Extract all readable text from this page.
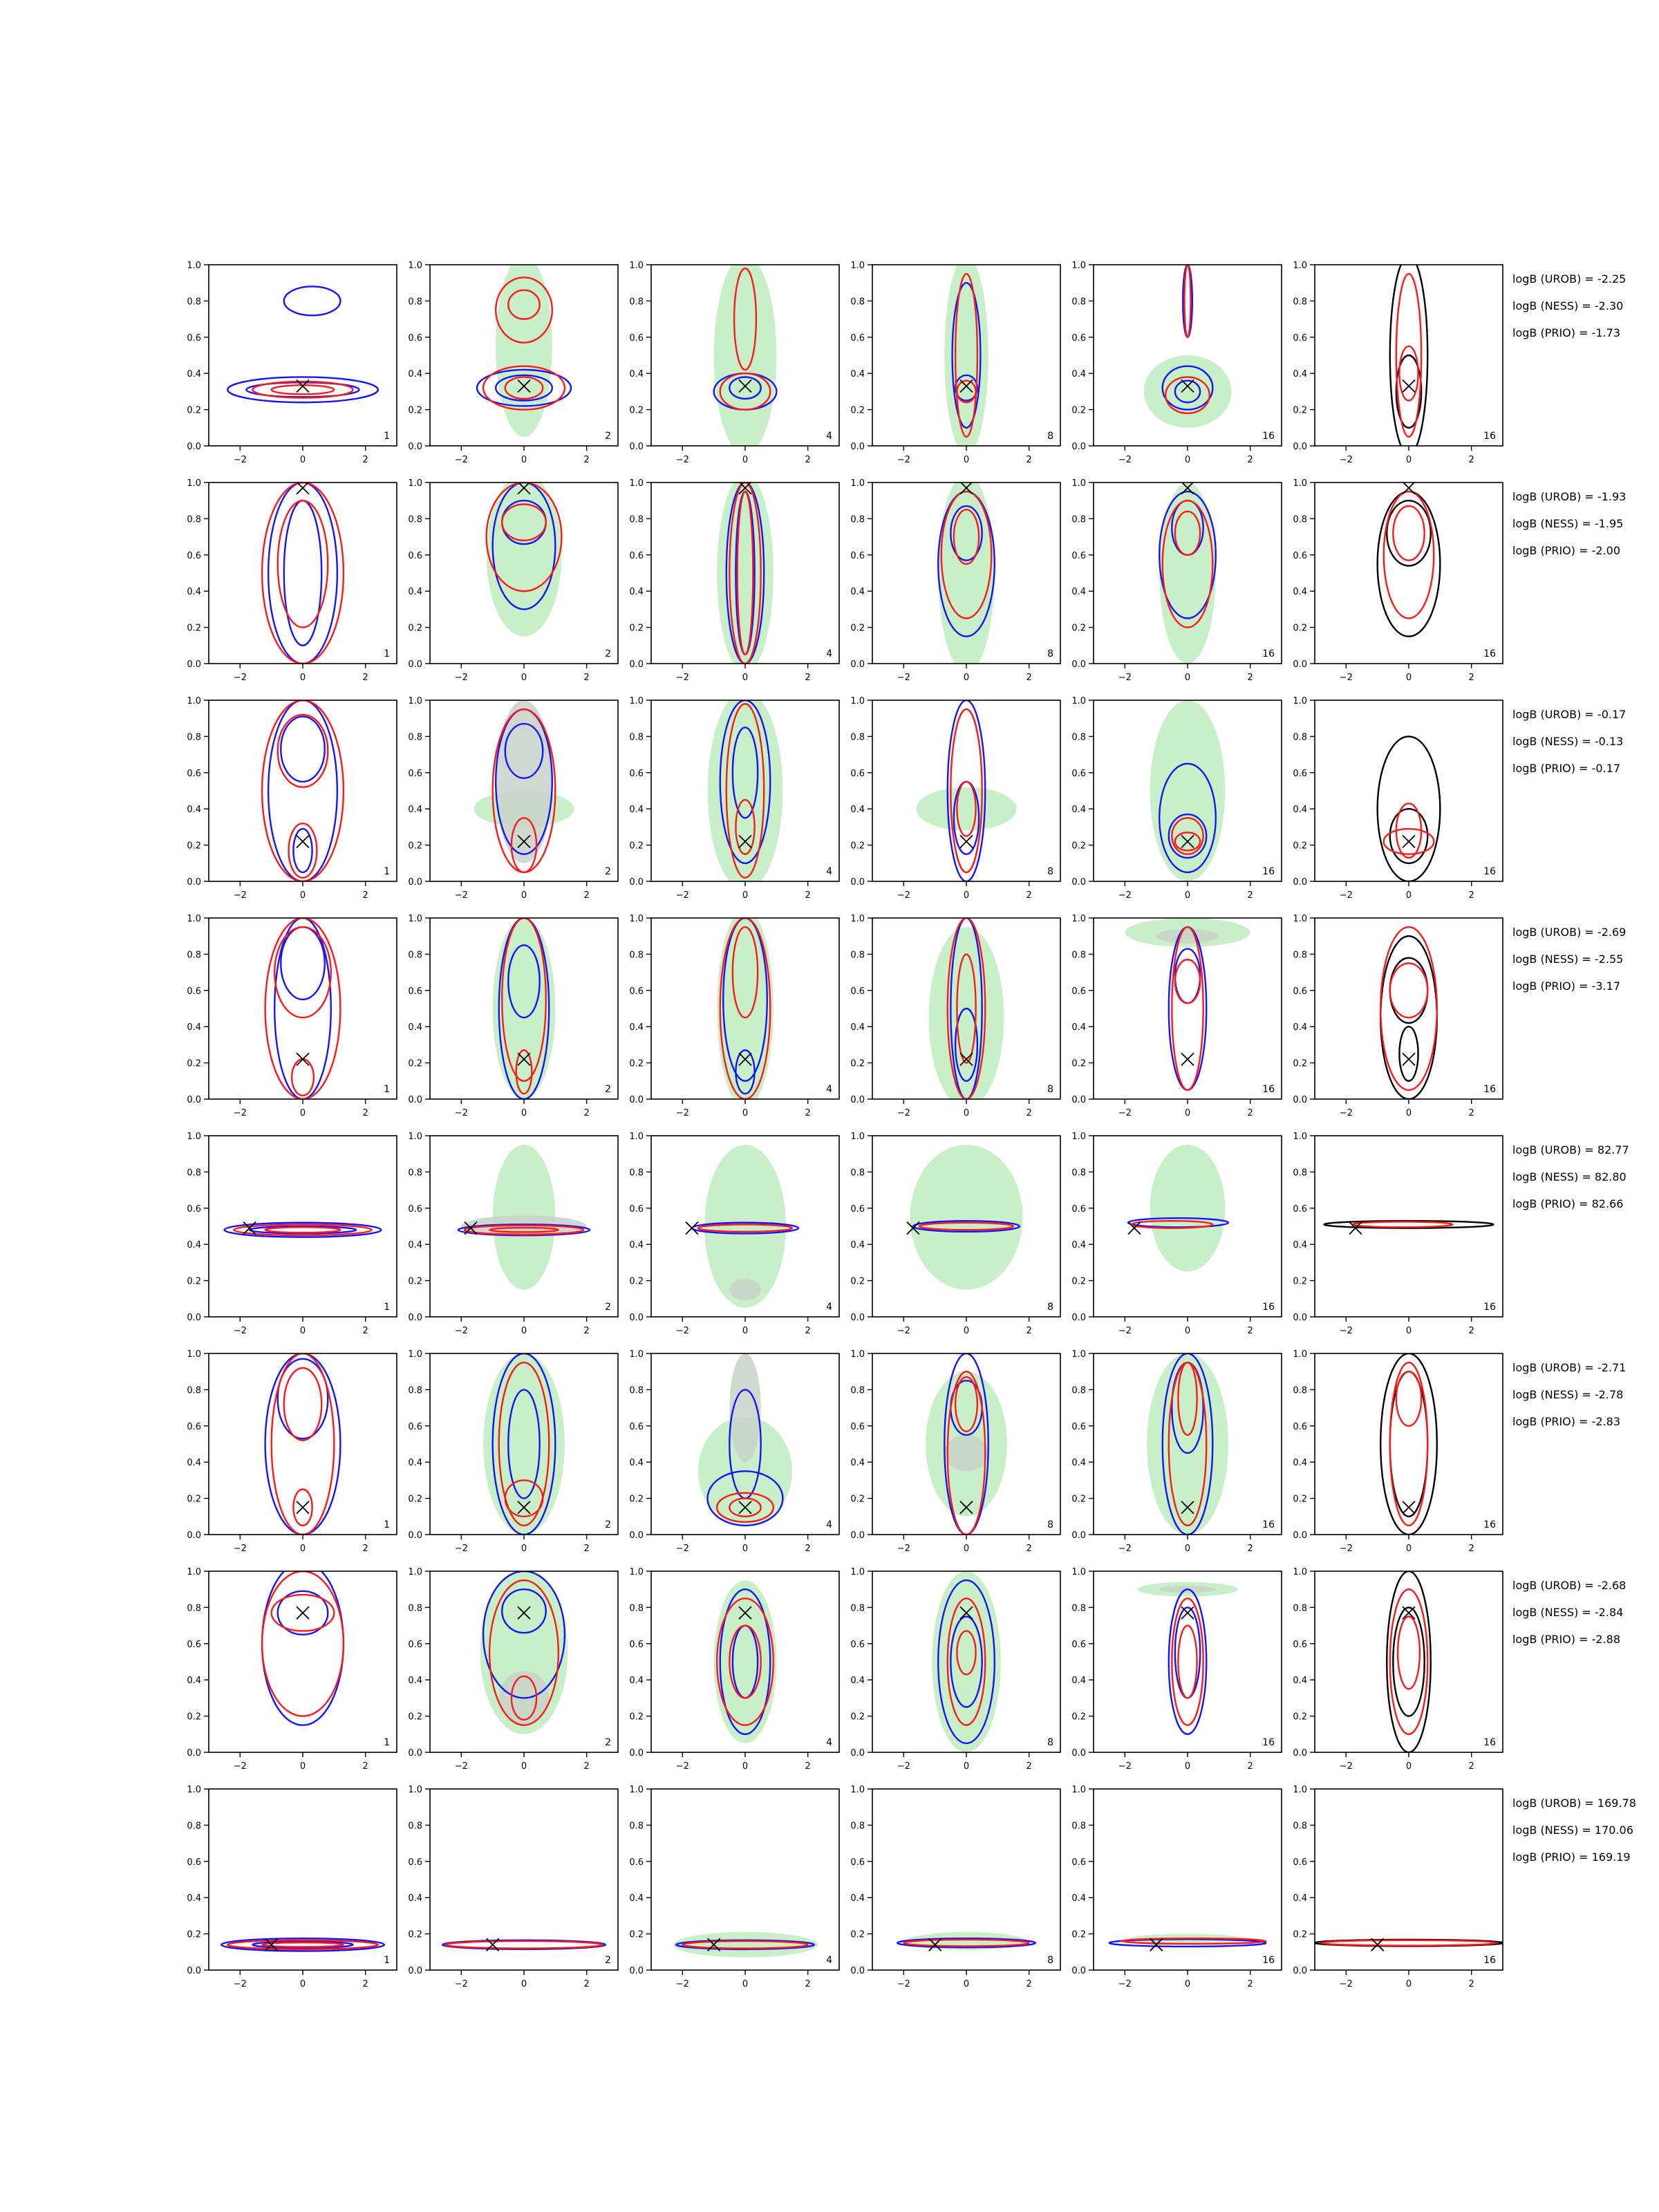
−2	0	2
0.0
0.2
0.4
0.6
0.8
1.0
1
−2	0	2
0.0
0.2
0.4
0.6
0.8
1.0
2
−2	0	2
0.0
0.2
0.4
0.6
0.8
1.0
4
−2	0	2
0.0
0.2
0.4
0.6
0.8
1.0
8
−2	0	2
0.0
0.2
0.4
0.6
0.8
1.0
16
−2	0	2
0.0
0.2
0.4
0.6
0.8
1.0
16
logB (UROB) = -2.25
logB (NESS) = -2.30
logB (PRIO) = -1.73
−2	0	2
0.0
0.2
0.4
0.6
0.8
1.0
1
−2	0	2
0.0
0.2
0.4
0.6
0.8
1.0
2
−2	0	2
0.0
0.2
0.4
0.6
0.8
1.0
4
−2	0	2
0.0
0.2
0.4
0.6
0.8
1.0
8
−2	0	2
0.0
0.2
0.4
0.6
0.8
1.0
16
−2	0	2
0.0
0.2
0.4
0.6
0.8
1.0
16
logB (UROB) = -1.93
logB (NESS) = -1.95
logB (PRIO) = -2.00
−2	0	2
0.0
0.2
0.4
0.6
0.8
1.0
1
−2	0	2
0.0
0.2
0.4
0.6
0.8
1.0
2
−2	0	2
0.0
0.2
0.4
0.6
0.8
1.0
4
−2	0	2
0.0
0.2
0.4
0.6
0.8
1.0
8
−2	0	2
0.0
0.2
0.4
0.6
0.8
1.0
16
−2	0	2
0.0
0.2
0.4
0.6
0.8
1.0
16
logB (UROB) = -0.17
logB (NESS) = -0.13
logB (PRIO) = -0.17
−2	0	2
0.0
0.2
0.4
0.6
0.8
1.0
1
−2	0	2
0.0
0.2
0.4
0.6
0.8
1.0
2
−2	0	2
0.0
0.2
0.4
0.6
0.8
1.0
4
−2	0	2
0.0
0.2
0.4
0.6
0.8
1.0
8
−2	0	2
0.0
0.2
0.4
0.6
0.8
1.0
16
−2	0	2
0.0
0.2
0.4
0.6
0.8
1.0
16
logB (UROB) = -2.69
logB (NESS) = -2.55
logB (PRIO) = -3.17
−2	0	2
0.0
0.2
0.4
0.6
0.8
1.0
1
−2	0	2
0.0
0.2
0.4
0.6
0.8
1.0
2
−2	0	2
0.0
0.2
0.4
0.6
0.8
1.0
4
−2	0	2
0.0
0.2
0.4
0.6
0.8
1.0
8
−2	0	2
0.0
0.2
0.4
0.6
0.8
1.0
16
−2	0	2
0.0
0.2
0.4
0.6
0.8
1.0
16
logB (UROB) = 82.77
logB (NESS) = 82.80
logB (PRIO) = 82.66
−2	0	2
0.0
0.2
0.4
0.6
0.8
1.0
1
−2	0	2
0.0
0.2
0.4
0.6
0.8
1.0
2
−2	0	2
0.0
0.2
0.4
0.6
0.8
1.0
4
−2	0	2
0.0
0.2
0.4
0.6
0.8
1.0
8
−2	0	2
0.0
0.2
0.4
0.6
0.8
1.0
16
−2	0	2
0.0
0.2
0.4
0.6
0.8
1.0
16
logB (UROB) = -2.71
logB (NESS) = -2.78
logB (PRIO) = -2.83
−2	0	2
0.0
0.2
0.4
0.6
0.8
1.0
1
−2	0	2
0.0
0.2
0.4
0.6
0.8
1.0
2
−2	0	2
0.0
0.2
0.4
0.6
0.8
1.0
4
−2	0	2
0.0
0.2
0.4
0.6
0.8
1.0
8
−2	0	2
0.0
0.2
0.4
0.6
0.8
1.0
16
−2	0	2
0.0
0.2
0.4
0.6
0.8
1.0
16
logB (UROB) = -2.68
logB (NESS) = -2.84
logB (PRIO) = -2.88
−2	0	2
0.0
0.2
0.4
0.6
0.8
1.0
1
−2	0	2
0.0
0.2
0.4
0.6
0.8
1.0
2
−2	0	2
0.0
0.2
0.4
0.6
0.8
1.0
4
−2	0	2
0.0
0.2
0.4
0.6
0.8
1.0
8
−2	0	2
0.0
0.2
0.4
0.6
0.8
1.0
16
−2	0	2
0.0
0.2
0.4
0.6
0.8
1.0
16
logB (UROB) = 169.78
logB (NESS) = 170.06
logB (PRIO) = 169.19
